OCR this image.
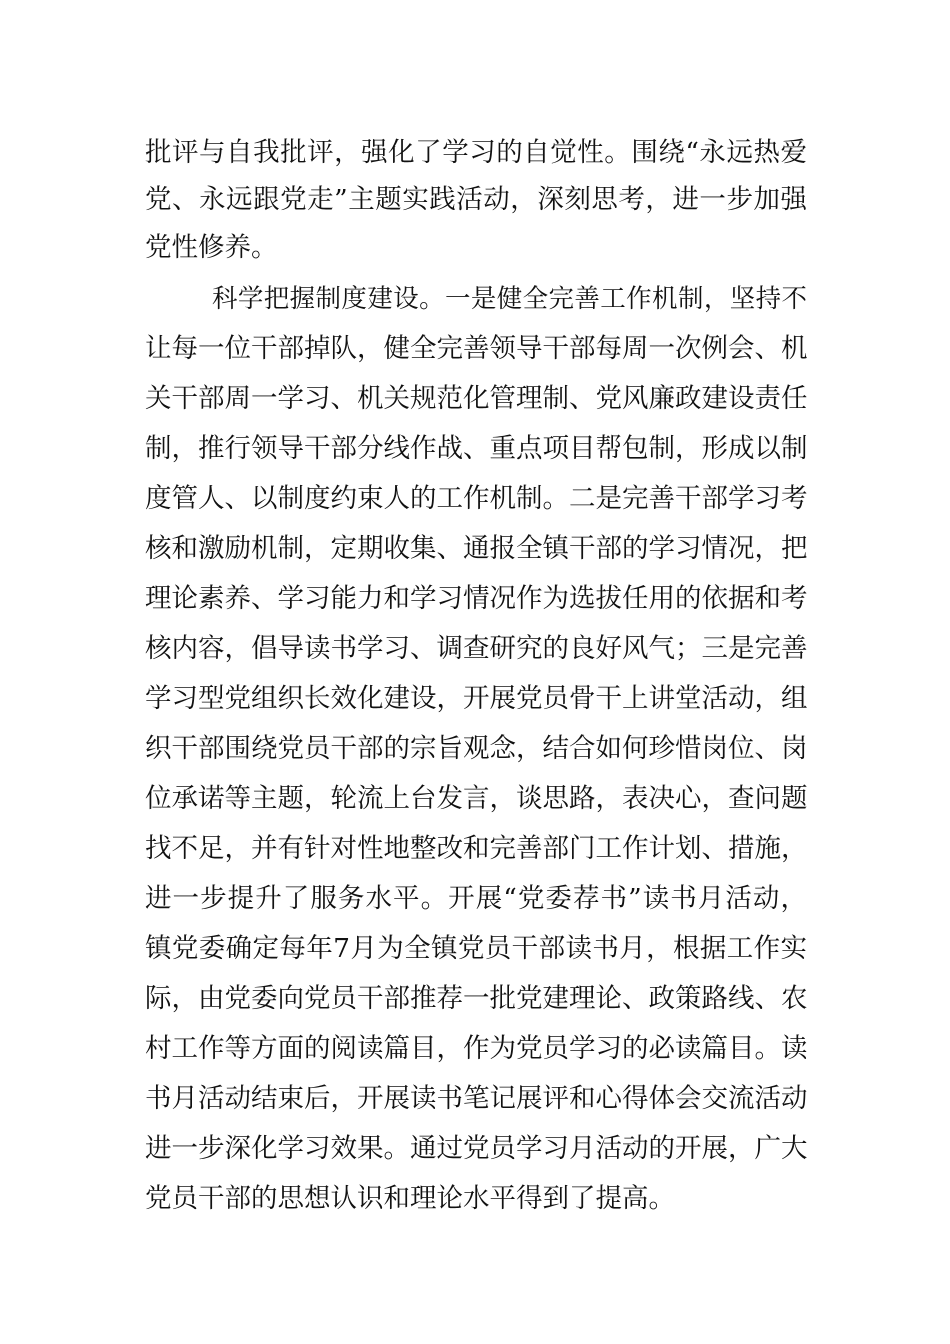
批评与自我批评，强化了学习的自觉性。围绕“永远热爱
党、永远跟党走”主题实践活动，深刻思考，进一步加强
党性修养。
科学把握制度建设。一是健全完善工作机制，坚持不
让每一位干部掉队，健全完善领导干部每周一次例会、机
关干部周一学习、机关规范化管理制、党风廉政建设责任
制，推行领导干部分线作战、重点项目帮包制，形成以制
度管人、以制度约束人的工作机制。二是完善干部学习考
核和激励机制，定期收集、通报全镇干部的学习情况，把
理论素养、学习能力和学习情况作为选拔任用的依据和考
核内容，倡导读书学习、调查研究的良好风气；三是完善
学习型党组织长效化建设，开展党员骨干上讲堂活动，组
织干部围绕党员干部的宗旨观念，结合如何珍惜岗位、岗
位承诺等主题，轮流上台发言，谈思路，表决心，查问题
找不足，并有针对性地整改和完善部门工作计划、措施，
进一步提升了服务水平。开展“党委荐书”读书月活动，
镇党委确定每年7月为全镇党员干部读书月，根据工作实
际，由党委向党员干部推荐一批党建理论、政策路线、农
村工作等方面的阅读篇目，作为党员学习的必读篇目。读
书月活动结束后，开展读书笔记展评和心得体会交流活动
进一步深化学习效果。通过党员学习月活动的开展，广大
党员干部的思想认识和理论水平得到了提高。
